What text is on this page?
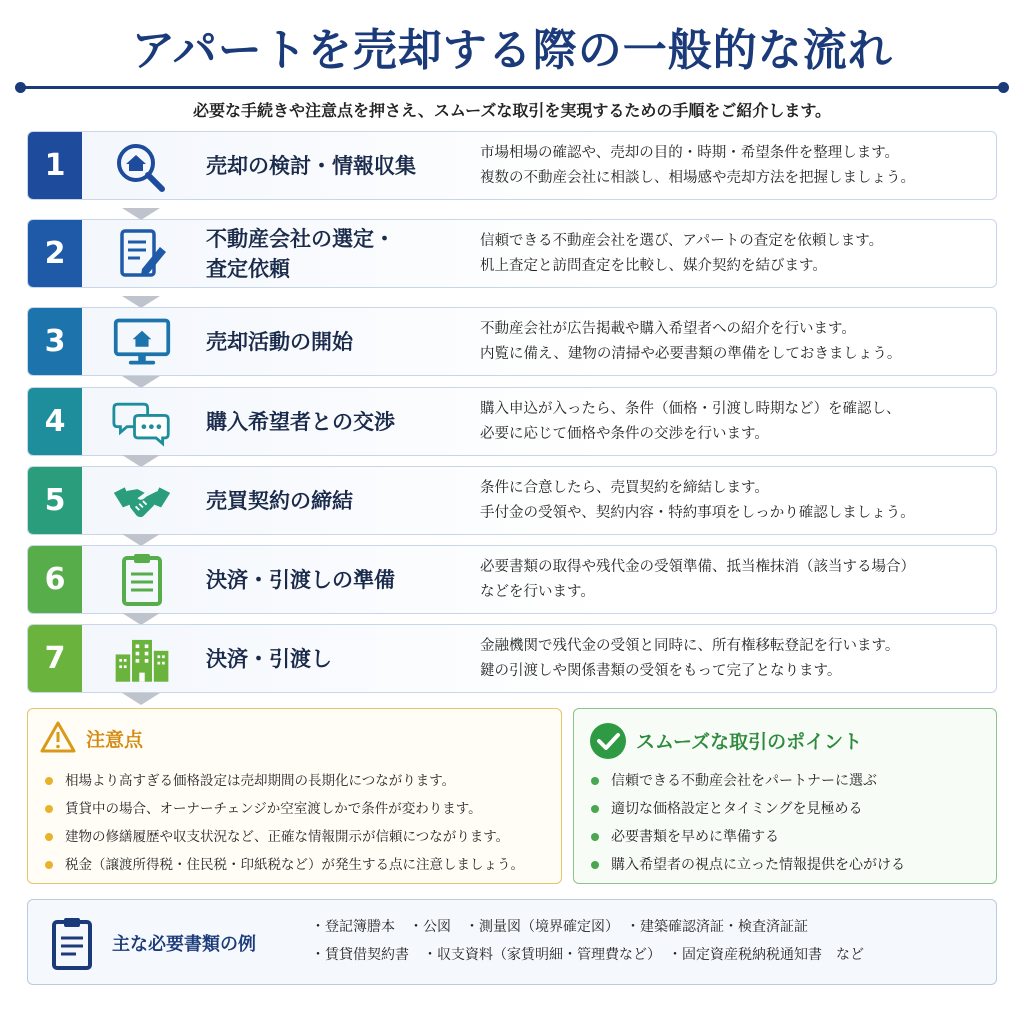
アパートを売却する際の一般的な流れ
必要な手続きや注意点を押さえ、スムーズな取引を実現するための手順をご紹介します。
1	売却の検討・情報収集
市場相場の確認や、売却の目的・時期・希望条件を整理します。
複数の不動産会社に相談し、相場感や売却方法を把握しましょう。
2	不動産会社の選定・
査定依頼
信頼できる不動産会社を選び、アパートの査定を依頼します。
机上査定と訪問査定を比較し、媒介契約を結びます。
3	売却活動の開始
不動産会社が広告掲載や購入希望者への紹介を行います。
内覧に備え、建物の清掃や必要書類の準備をしておきましょう。
4	購入希望者との交渉
購入申込が入ったら、条件（価格・引渡し時期など）を確認し、
必要に応じて価格や条件の交渉を行います。
5	売買契約の締結
条件に合意したら、売買契約を締結します。
手付金の受領や、契約内容・特約事項をしっかり確認しましょう。
6	決済・引渡しの準備
必要書類の取得や残代金の受領準備、抵当権抹消（該当する場合）
などを行います。
7	決済・引渡し
金融機関で残代金の受領と同時に、所有権移転登記を行います。
鍵の引渡しや関係書類の受領をもって完了となります。
注意点
相場より高すぎる価格設定は売却期間の長期化につながります。
賃貸中の場合、オーナーチェンジか空室渡しかで条件が変わります。
建物の修繕履歴や収支状況など、正確な情報開示が信頼につながります。
税金（譲渡所得税・住民税・印紙税など）が発生する点に注意しましょう。
スムーズな取引のポイント
信頼できる不動産会社をパートナーに選ぶ
適切な価格設定とタイミングを見極める
必要書類を早めに準備する
購入希望者の視点に立った情報提供を心がける
主な必要書類の例
・登記簿謄本　・公図　・測量図（境界確定図）　・建築確認済証・検査済証証
・賃貸借契約書　・収支資料（家賃明細・管理費など）　・固定資産税納税通知書　など
